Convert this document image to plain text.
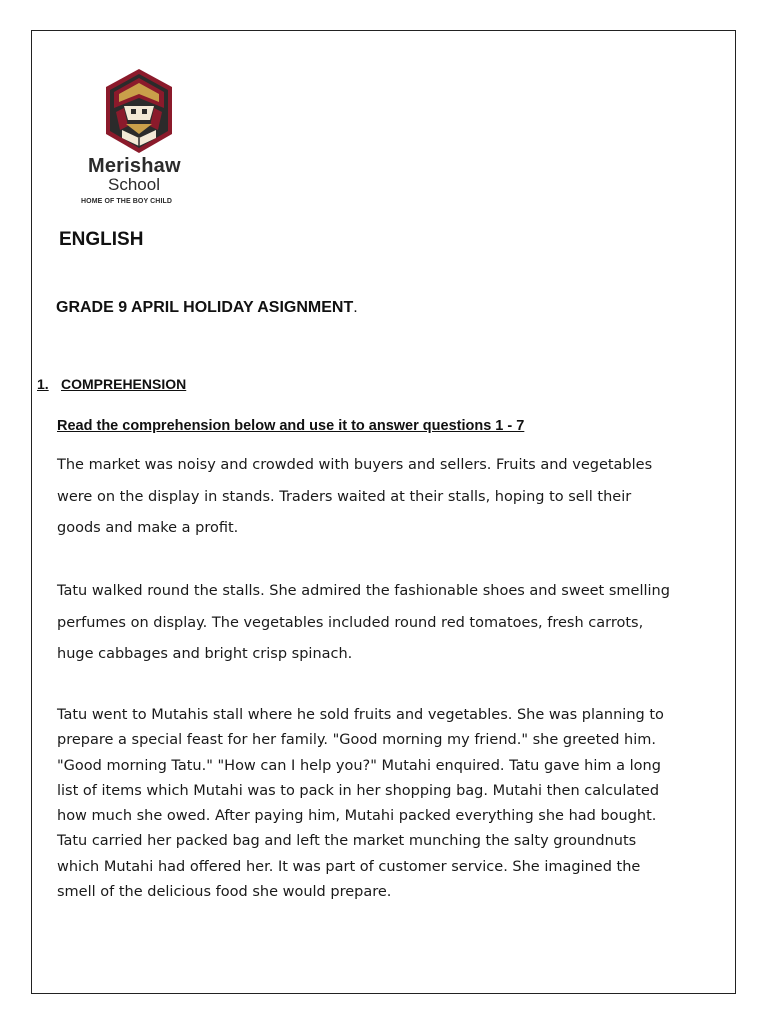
Merishaw
School
HOME OF THE BOY CHILD
ENGLISH
GRADE 9 APRIL HOLIDAY ASIGNMENT.
1. COMPREHENSION
Read the comprehension below and use it to answer questions 1 - 7
The market was noisy and crowded with buyers and sellers. Fruits and vegetables
were on the display in stands. Traders waited at their stalls, hoping to sell their
goods and make a profit.
Tatu walked round the stalls. She admired the fashionable shoes and sweet smelling
perfumes on display. The vegetables included round red tomatoes, fresh carrots,
huge cabbages and bright crisp spinach.
Tatu went to Mutahis stall where he sold fruits and vegetables. She was planning to
prepare a special feast for her family. "Good morning my friend." she greeted him.
"Good morning Tatu." "How can I help you?" Mutahi enquired. Tatu gave him a long
list of items which Mutahi was to pack in her shopping bag. Mutahi then calculated
how much she owed. After paying him, Mutahi packed everything she had bought.
Tatu carried her packed bag and left the market munching the salty groundnuts
which Mutahi had offered her. It was part of customer service. She imagined the
smell of the delicious food she would prepare.
